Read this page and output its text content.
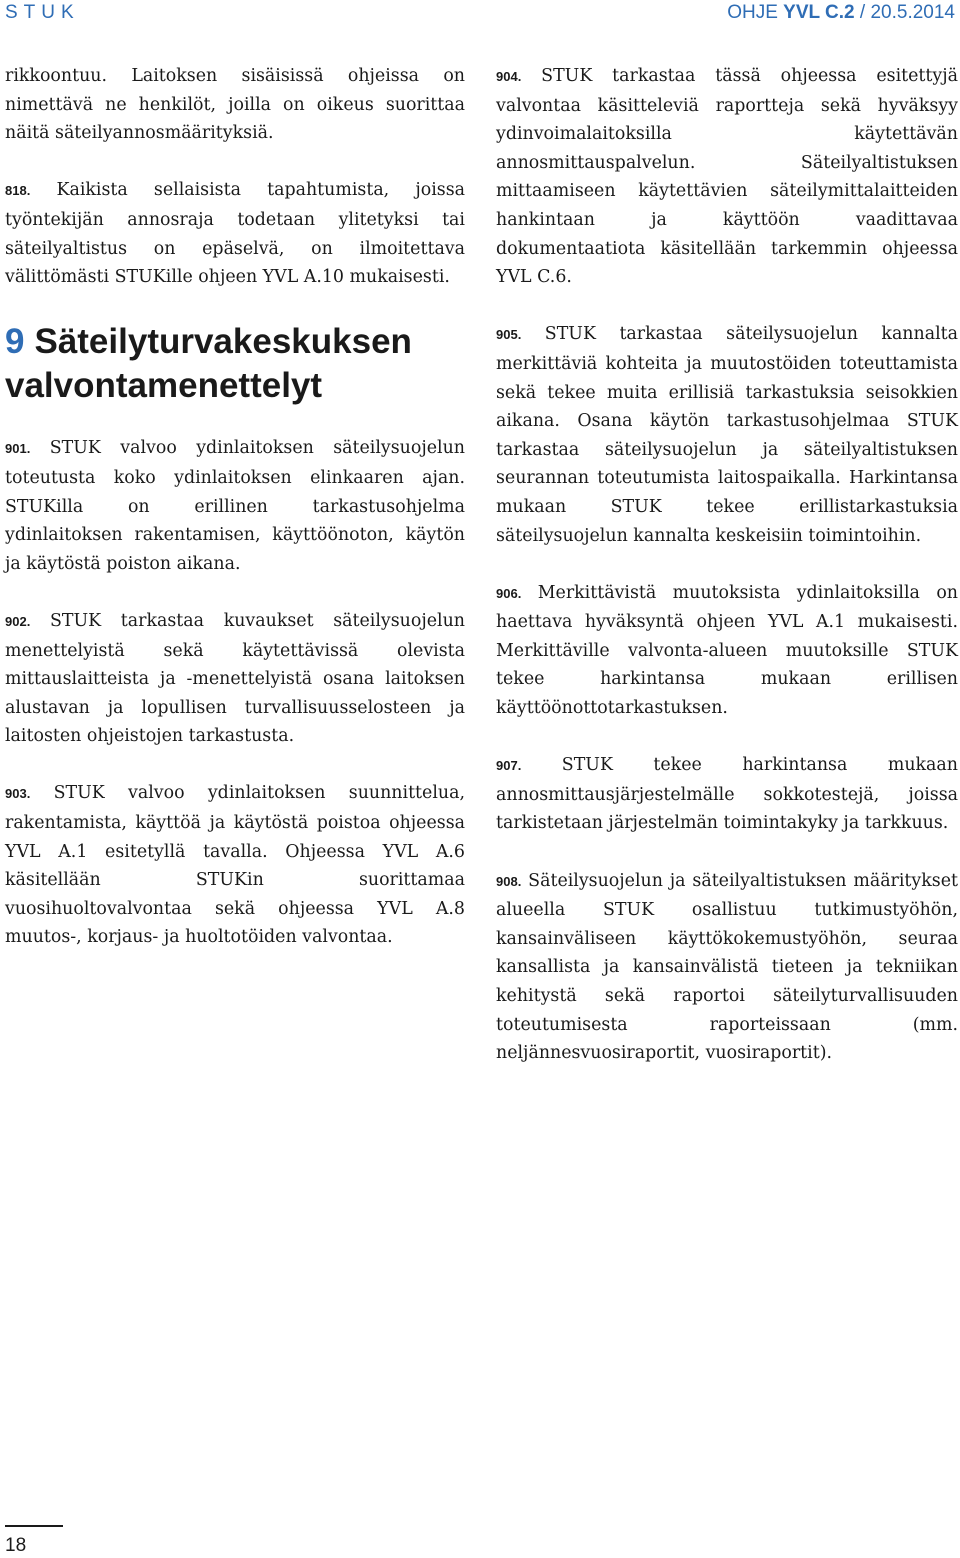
STUK	OHJE YVL C.2 / 20.5.2014

rikkoontuu. Laitoksen sisäisissä ohjeissa on nimettävä ne henkilöt, joilla on oikeus suorittaa näitä säteilyannosmäärityksiä.

818. Kaikista sellaisista tapahtumista, joissa työntekijän annosraja todetaan ylitetyksi tai säteilyaltistus on epäselvä, on ilmoitettava välittömästi STUKille ohjeen YVL A.10 mukaisesti.

9 Säteilyturvakeskuksen valvontamenettelyt

901. STUK valvoo ydinlaitoksen säteilysuojelun toteutusta koko ydinlaitoksen elinkaaren ajan. STUKilla on erillinen tarkastusohjelma ydinlaitoksen rakentamisen, käyttöönoton, käytön ja käytöstä poiston aikana.

902. STUK tarkastaa kuvaukset säteilysuojelun menettelyistä sekä käytettävissä olevista mittauslaitteista ja -menettelyistä osana laitoksen alustavan ja lopullisen turvallisuusselosteen ja laitosten ohjeistojen tarkastusta.

903. STUK valvoo ydinlaitoksen suunnittelua, rakentamista, käyttöä ja käytöstä poistoa ohjeessa YVL A.1 esitetyllä tavalla. Ohjeessa YVL A.6 käsitellään STUKin suorittamaa vuosihuoltovalvontaa sekä ohjeessa YVL A.8 muutos-, korjaus- ja huoltotöiden valvontaa.

904. STUK tarkastaa tässä ohjeessa esitettyjä valvontaa käsitteleviä raportteja sekä hyväksyy ydinvoimalaitoksilla käytettävän annosmittauspalvelun. Säteilyaltistuksen mittaamiseen käytettävien säteilymittalaitteiden hankintaan ja käyttöön vaadittavaa dokumentaatiota käsitellään tarkemmin ohjeessa YVL C.6.

905. STUK tarkastaa säteilysuojelun kannalta merkittäviä kohteita ja muutostöiden toteuttamista sekä tekee muita erillisiä tarkastuksia seisokkien aikana. Osana käytön tarkastusohjelmaa STUK tarkastaa säteilysuojelun ja säteilyaltistuksen seurannan toteutumista laitospaikalla. Harkintansa mukaan STUK tekee erillistarkastuksia säteilysuojelun kannalta keskeisiin toimintoihin.

906. Merkittävistä muutoksista ydinlaitoksilla on haettava hyväksyntä ohjeen YVL A.1 mukaisesti. Merkittäville valvonta-alueen muutoksille STUK tekee harkintansa mukaan erillisen käyttöönottotarkastuksen.

907. STUK tekee harkintansa mukaan annosmittausjärjestelmälle sokkotestejä, joissa tarkistetaan järjestelmän toimintakyky ja tarkkuus.

908. Säteilysuojelun ja säteilyaltistuksen määritykset alueella STUK osallistuu tutkimustyöhön, kansainväliseen käyttökokemustyöhön, seuraa kansallista ja kansainvälistä tieteen ja tekniikan kehitystä sekä raportoi säteilyturvallisuuden toteutumisesta raporteissaan (mm. neljännesvuosiraportit, vuosiraportit).

18
